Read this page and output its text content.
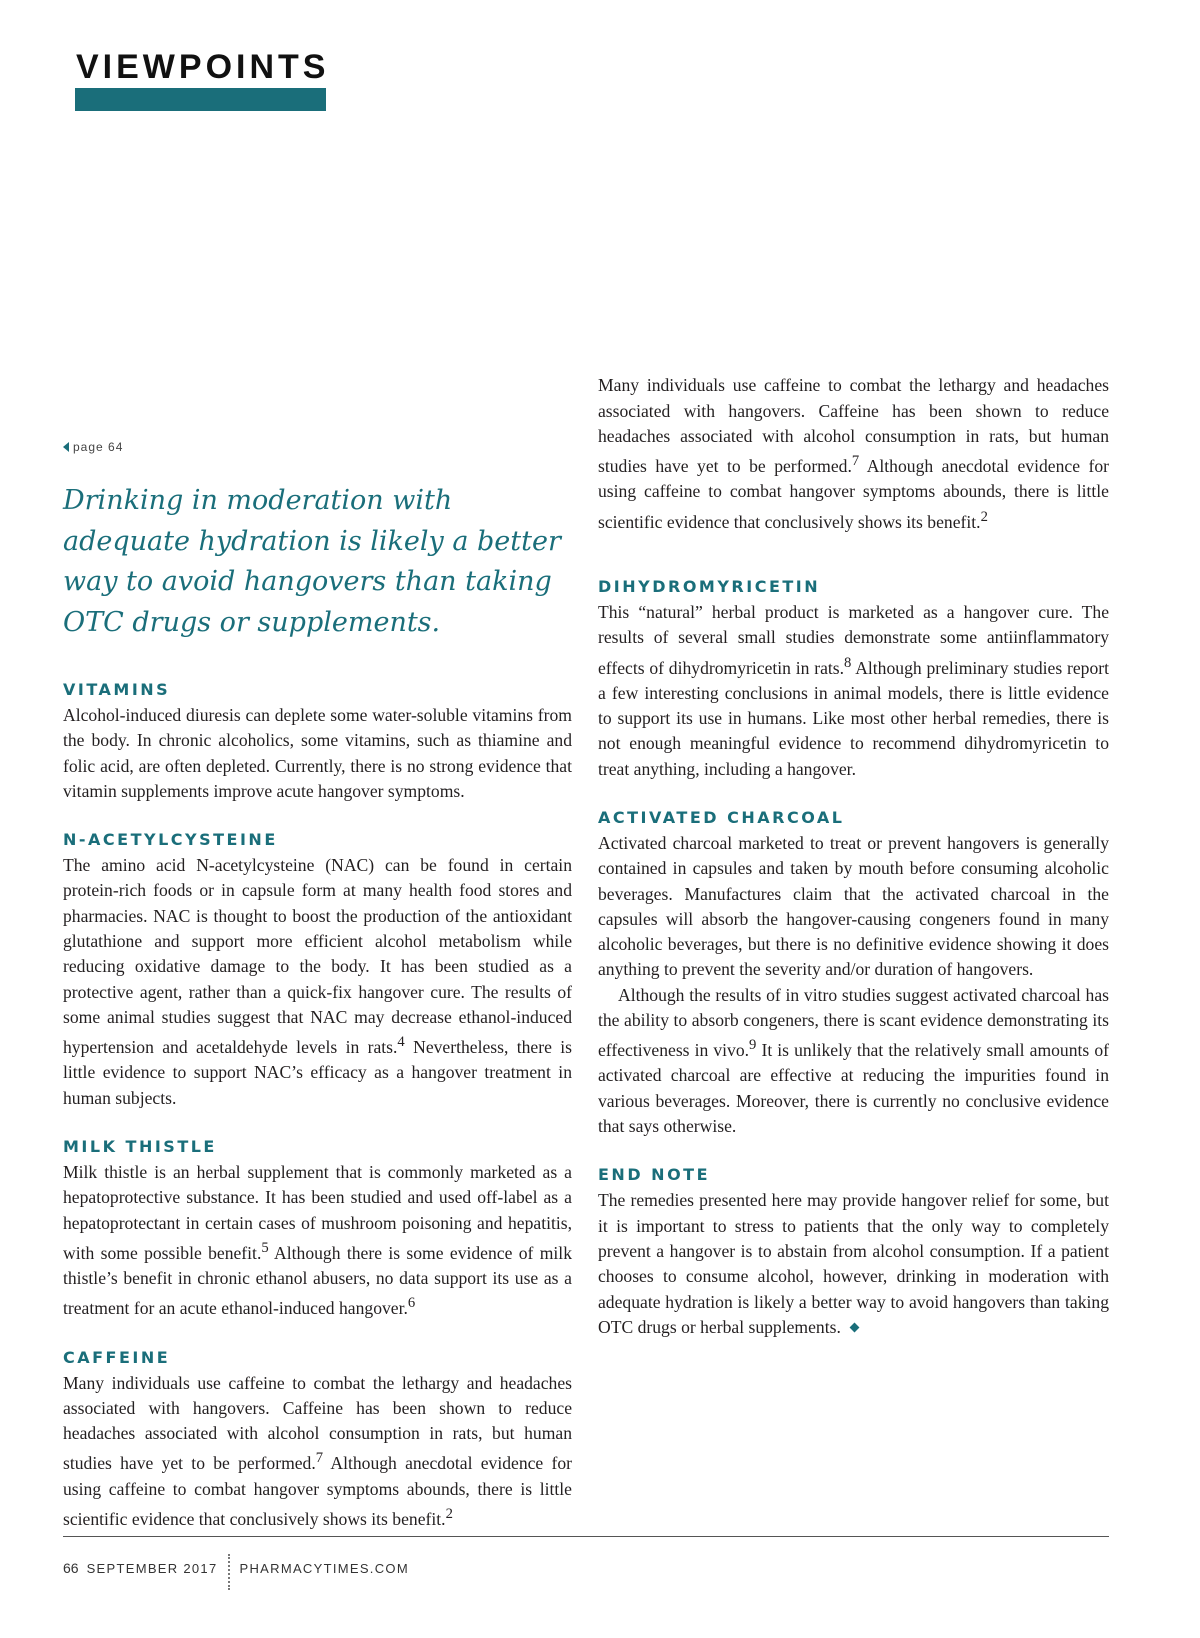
VIEWPOINTS
page 64
Drinking in moderation with adequate hydration is likely a better way to avoid hangovers than taking OTC drugs or supplements.
VITAMINS

Alcohol-induced diuresis can deplete some water-soluble vitamins from the body. In chronic alcoholics, some vitamins, such as thiamine and folic acid, are often depleted. Currently, there is no strong evidence that vitamin supplements improve acute hangover symptoms.

N-ACETYLCYSTEINE

The amino acid N-acetylcysteine (NAC) can be found in certain protein-rich foods or in capsule form at many health food stores and pharmacies. NAC is thought to boost the production of the antioxidant glutathione and support more efficient alcohol metabolism while reducing oxidative damage to the body. It has been studied as a protective agent, rather than a quick-fix hangover cure. The results of some animal studies suggest that NAC may decrease ethanol-induced hypertension and acetaldehyde levels in rats.$^4$ Nevertheless, there is little evidence to support NAC’s efficacy as a hangover treatment in human subjects.

MILK THISTLE

Milk thistle is an herbal supplement that is commonly marketed as a hepatoprotective substance. It has been studied and used off-label as a hepatoprotectant in certain cases of mushroom poisoning and hepatitis, with some possible benefit.$^5$ Although there is some evidence of milk thistle’s benefit in chronic ethanol abusers, no data support its use as a treatment for an acute ethanol-induced hangover.$^6$

CAFFEINE

Many individuals use caffeine to combat the lethargy and headaches associated with hangovers. Caffeine has been shown to reduce headaches associated with alcohol consumption in rats, but human studies have yet to be performed.$^7$ Although anecdotal evidence for using caffeine to combat hangover symptoms abounds, there is little scientific evidence that conclusively shows its benefit.$^2$

DIHYDROMYRICETIN

This “natural” herbal product is marketed as a hangover cure. The results of several small studies demonstrate some antiinflammatory effects of dihydromyricetin in rats.$^8$ Although preliminary studies report a few interesting conclusions in animal models, there is little evidence to support its use in humans. Like most other herbal remedies, there is not enough meaningful evidence to recommend dihydromyricetin to treat anything, including a hangover.

ACTIVATED CHARCOAL

Activated charcoal marketed to treat or prevent hangovers is generally contained in capsules and taken by mouth before consuming alcoholic beverages. Manufactures claim that the activated charcoal in the capsules will absorb the hangover-causing congeners found in many alcoholic beverages, but there is no definitive evidence showing it does anything to prevent the severity and/or duration of hangovers.

Although the results of in vitro studies suggest activated charcoal has the ability to absorb congeners, there is scant evidence demonstrating its effectiveness in vivo.$^9$ It is unlikely that the relatively small amounts of activated charcoal are effective at reducing the impurities found in various beverages. Moreover, there is currently no conclusive evidence that says otherwise.

END NOTE

The remedies presented here may provide hangover relief for some, but it is important to stress to patients that the only way to completely prevent a hangover is to abstain from alcohol consumption. If a patient chooses to consume alcohol, however, drinking in moderation with adequate hydration is likely a better way to avoid hangovers than taking OTC drugs or herbal supplements.

66 SEPTEMBER 2017 PHARMACYTIMES.COM

Many individuals use caffeine to combat the lethargy and headaches associated with hangovers. Caffeine has been shown to reduce headaches associated with alcohol consumption in rats, but human studies have yet to be performed.$^7$ Although anecdotal evidence for using caffeine to combat hangover symptoms abounds, there is little scientific evidence that conclusively shows its benefit.$^2$
